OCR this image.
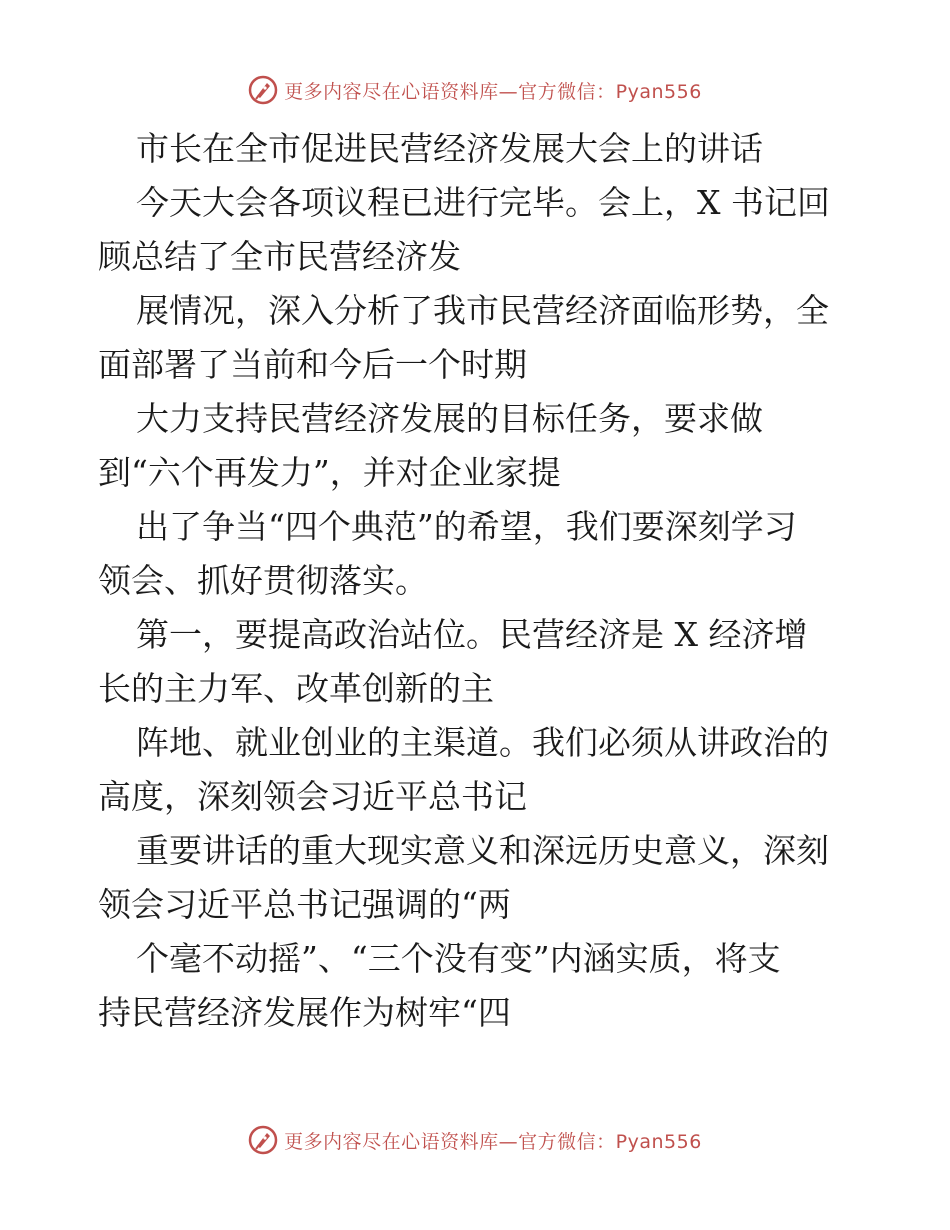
更多内容尽在心语资料库—官方微信：Pyan556
市长在全市促进民营经济发展大会上的讲话
今天大会各项议程已进行完毕。会上，X 书记回
顾总结了全市民营经济发
展情况，深入分析了我市民营经济面临形势，全
面部署了当前和今后一个时期
大力支持民营经济发展的目标任务，要求做
到“六个再发力”，并对企业家提
出了争当“四个典范”的希望，我们要深刻学习
领会、抓好贯彻落实。
第一，要提高政治站位。民营经济是 X 经济增
长的主力军、改革创新的主
阵地、就业创业的主渠道。我们必须从讲政治的
高度，深刻领会习近平总书记
重要讲话的重大现实意义和深远历史意义，深刻
领会习近平总书记强调的“两
个毫不动摇”、“三个没有变”内涵实质，将支
持民营经济发展作为树牢“四
更多内容尽在心语资料库—官方微信：Pyan556
